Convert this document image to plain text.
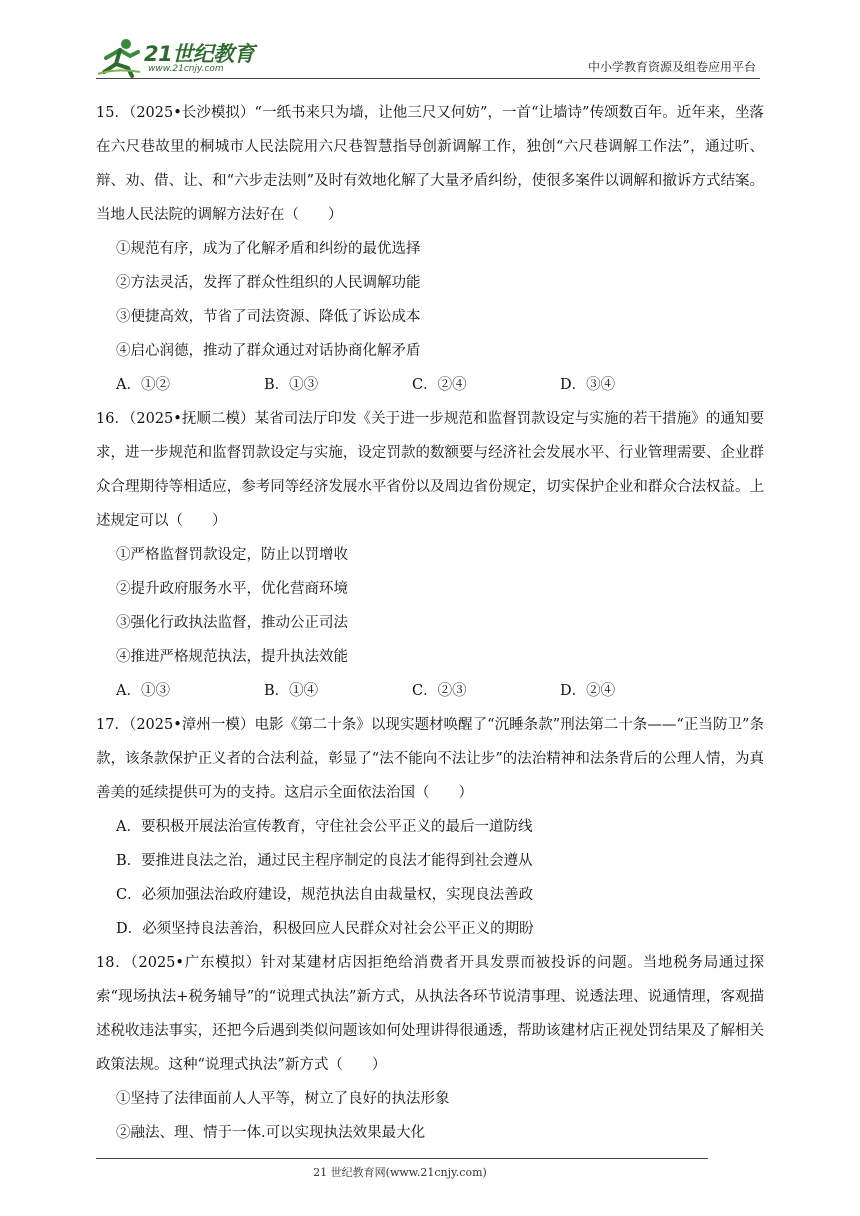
21世纪教育
www.21cnjy.com	中小学教育资源及组卷应用平台

15．（2025•长沙模拟）“一纸书来只为墙，让他三尺又何妨”，一首“让墙诗”传颂数百年。近年来，坐落在六尺巷故里的桐城市人民法院用六尺巷智慧指导创新调解工作，独创“六尺巷调解工作法”，通过听、辩、劝、借、让、和“六步走法则”及时有效地化解了大量矛盾纠纷，使很多案件以调解和撤诉方式结案。当地人民法院的调解方法好在（　　）

①规范有序，成为了化解矛盾和纠纷的最优选择

②方法灵活，发挥了群众性组织的人民调解功能

③便捷高效，节省了司法资源、降低了诉讼成本

④启心润德，推动了群众通过对话协商化解矛盾

A．①②	B．①③	C．②④	D．③④

16．（2025•抚顺二模）某省司法厅印发《关于进一步规范和监督罚款设定与实施的若干措施》的通知要求，进一步规范和监督罚款设定与实施，设定罚款的数额要与经济社会发展水平、行业管理需要、企业群众合理期待等相适应，参考同等经济发展水平省份以及周边省份规定，切实保护企业和群众合法权益。上述规定可以（　　）

①严格监督罚款设定，防止以罚增收

②提升政府服务水平，优化营商环境

③强化行政执法监督，推动公正司法

④推进严格规范执法，提升执法效能

A．①③	B．①④	C．②③	D．②④

17．（2025•漳州一模）电影《第二十条》以现实题材唤醒了“沉睡条款”刑法第二十条——“正当防卫”条款，该条款保护正义者的合法利益，彰显了“法不能向不法让步”的法治精神和法条背后的公理人情，为真善美的延续提供可为的支持。这启示全面依法治国（　　）

A．要积极开展法治宣传教育，守住社会公平正义的最后一道防线

B．要推进良法之治，通过民主程序制定的良法才能得到社会遵从

C．必须加强法治政府建设，规范执法自由裁量权，实现良法善政

D．必须坚持良法善治，积极回应人民群众对社会公平正义的期盼

18．（2025•广东模拟）针对某建材店因拒绝给消费者开具发票而被投诉的问题。当地税务局通过探索“现场执法+税务辅导”的“说理式执法”新方式，从执法各环节说清事理、说透法理、说通情理，客观描述税收违法事实，还把今后遇到类似问题该如何处理讲得很通透，帮助该建材店正视处罚结果及了解相关政策法规。这种“说理式执法”新方式（　　）

①坚持了法律面前人人平等，树立了良好的执法形象

②融法、理、情于一体.可以实现执法效果最大化

21 世纪教育网(www.21cnjy.com)
